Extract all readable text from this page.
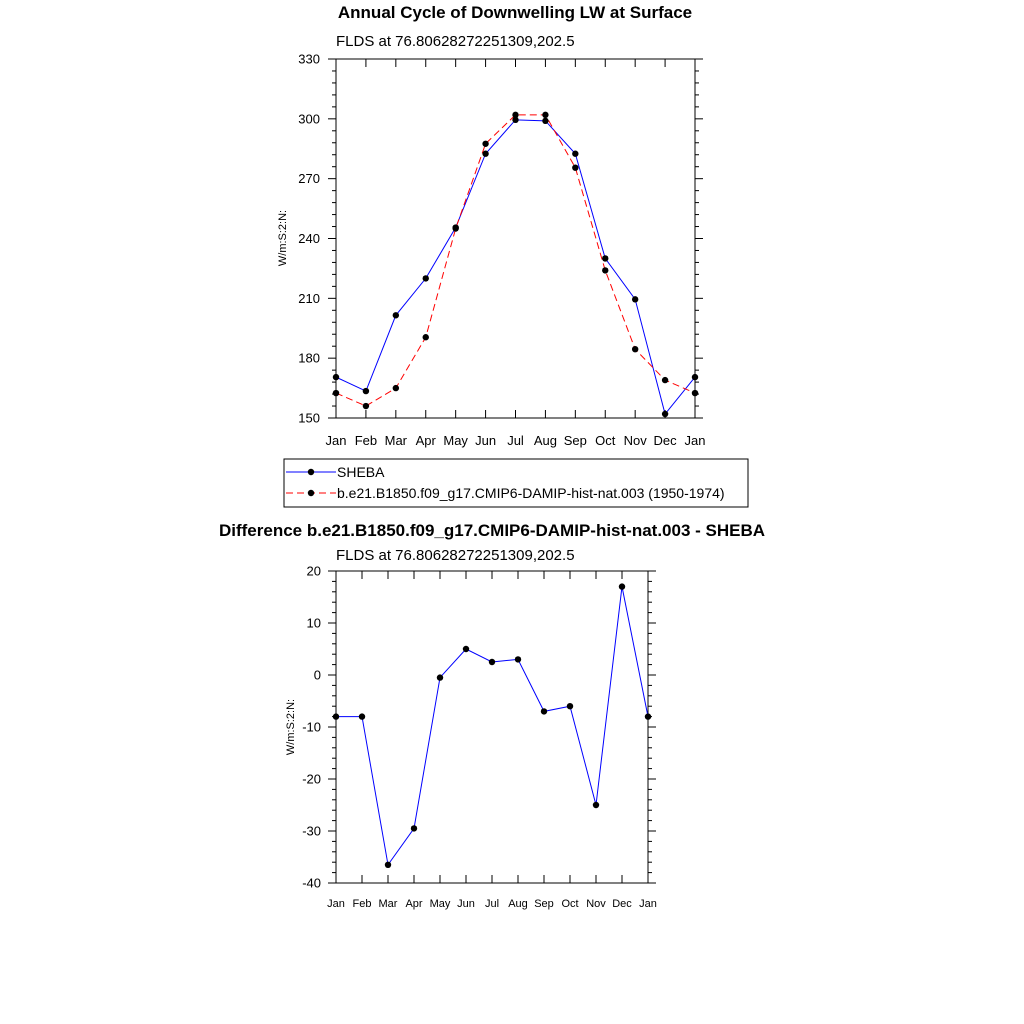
Annual Cycle of Downwelling LW at Surface
FLDS at 76.80628272251309,202.5
150
180
210
240
270
300
330
Jan Feb Mar Apr May Jun Jul Aug Sep Oct Nov Dec Jan
W/m:S:2:N:
SHEBA
b.e21.B1850.f09_g17.CMIP6-DAMIP-hist-nat.003 (1950-1974)
Difference b.e21.B1850.f09_g17.CMIP6-DAMIP-hist-nat.003 - SHEBA
FLDS at 76.80628272251309,202.5
-40
-30
-20
-10
0
10
20
Jan Feb Mar Apr May Jun Jul Aug Sep Oct Nov Dec Jan
W/m:S:2:N:
